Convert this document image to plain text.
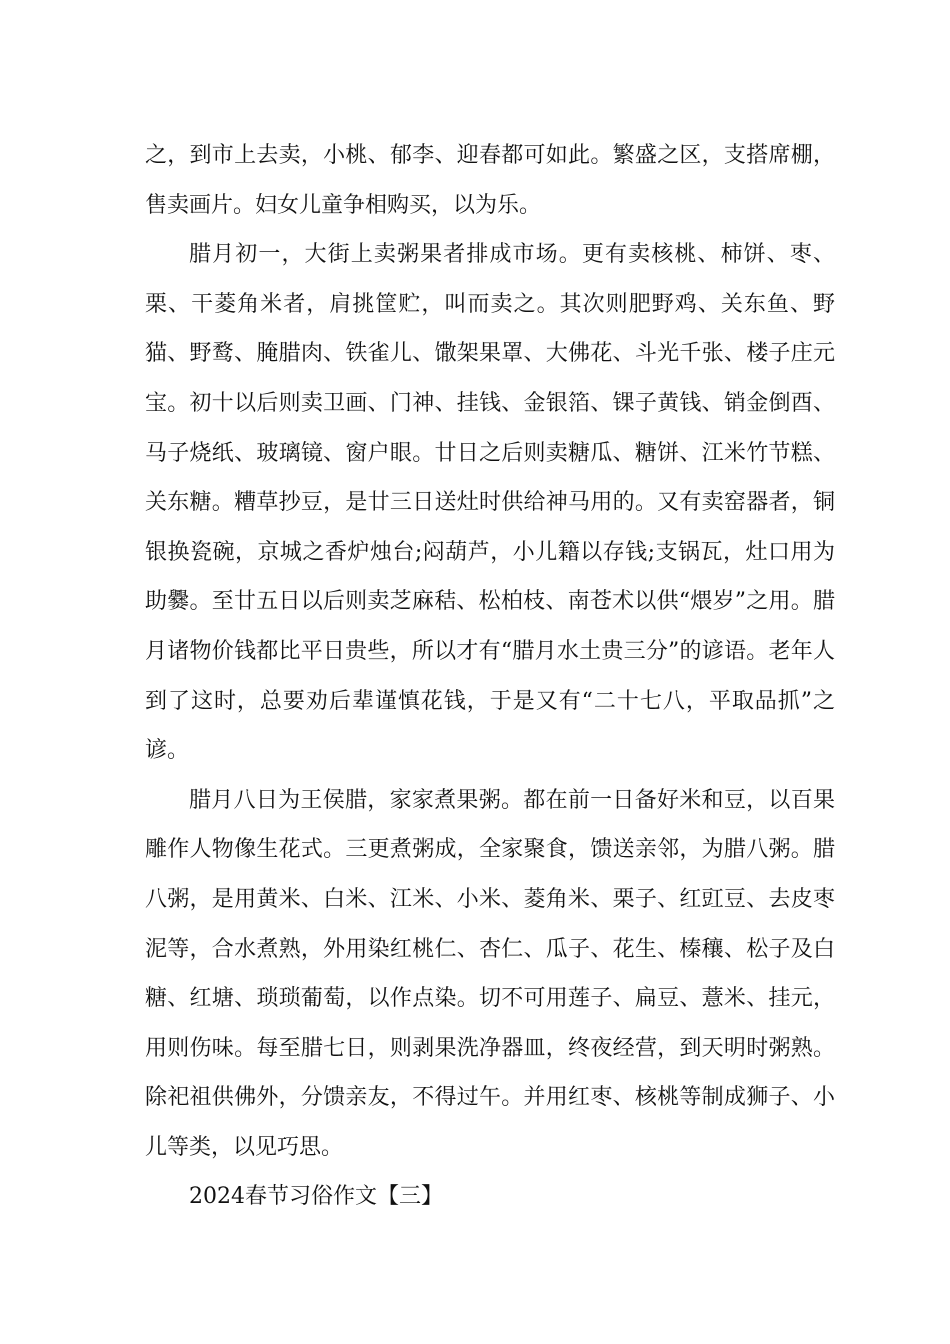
之，到市上去卖，小桃、郁李、迎春都可如此。繁盛之区，支搭席棚，售卖画片。妇女儿童争相购买，以为乐。

腊月初一，大街上卖粥果者排成市场。更有卖核桃、柿饼、枣、栗、干菱角米者，肩挑筐贮，叫而卖之。其次则肥野鸡、关东鱼、野猫、野鹜、腌腊肉、铁雀儿、馓架果罩、大佛花、斗光千张、楼子庄元宝。初十以后则卖卫画、门神、挂钱、金银箔、锞子黄钱、销金倒酉、马子烧纸、玻璃镜、窗户眼。廿日之后则卖糖瓜、糖饼、江米竹节糕、关东糖。糟草抄豆，是廿三日送灶时供给神马用的。又有卖窑器者，铜银换瓷碗，京城之香炉烛台;闷葫芦，小儿籍以存钱;支锅瓦，灶口用为助爨。至廿五日以后则卖芝麻秸、松柏枝、南苍术以供“煨岁”之用。腊月诸物价钱都比平日贵些，所以才有“腊月水土贵三分”的谚语。老年人到了这时，总要劝后辈谨慎花钱，于是又有“二十七八，平取品抓”之谚。

腊月八日为王侯腊，家家煮果粥。都在前一日备好米和豆，以百果雕作人物像生花式。三更煮粥成，全家聚食，馈送亲邻，为腊八粥。腊八粥，是用黄米、白米、江米、小米、菱角米、栗子、红豇豆、去皮枣泥等，合水煮熟，外用染红桃仁、杏仁、瓜子、花生、榛穰、松子及白糖、红塘、琐琐葡萄，以作点染。切不可用莲子、扁豆、薏米、挂元，用则伤味。每至腊七日，则剥果洗净器皿，终夜经营，到天明时粥熟。除祀祖供佛外，分馈亲友，不得过午。并用红枣、核桃等制成狮子、小儿等类，以见巧思。

2024春节习俗作文【三】
